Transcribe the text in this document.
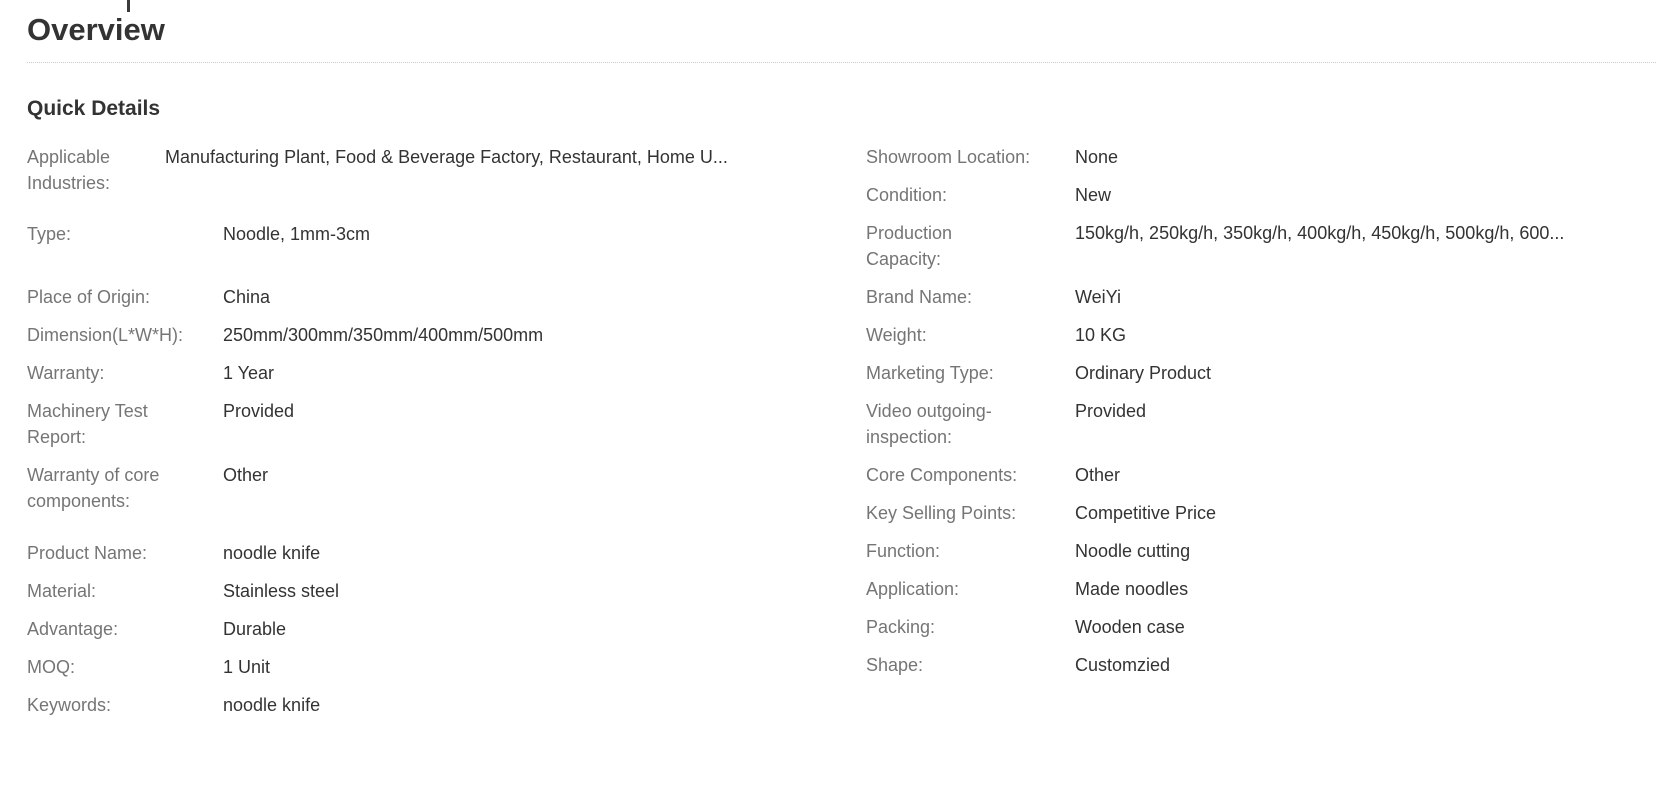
Overview
Quick Details
Applicable
Industries:
Manufacturing Plant, Food & Beverage Factory, Restaurant, Home U...
Type:	Noodle, 1mm-3cm
Place of Origin:	China
Dimension(L*W*H):	250mm/300mm/350mm/400mm/500mm
Warranty:	1 Year
Machinery Test
Report:
Provided
Warranty of core
components:
Other
Product Name:	noodle knife
Material:	Stainless steel
Advantage:	Durable
MOQ:	1 Unit
Keywords:	noodle knife
Showroom Location:	None
Condition:	New
Production
Capacity:
150kg/h, 250kg/h, 350kg/h, 400kg/h, 450kg/h, 500kg/h, 600...
Brand Name:	WeiYi
Weight:	10 KG
Marketing Type:	Ordinary Product
Video outgoing-
inspection:
Provided
Core Components:	Other
Key Selling Points:	Competitive Price
Function:	Noodle cutting
Application:	Made noodles
Packing:	Wooden case
Shape:	Customzied
